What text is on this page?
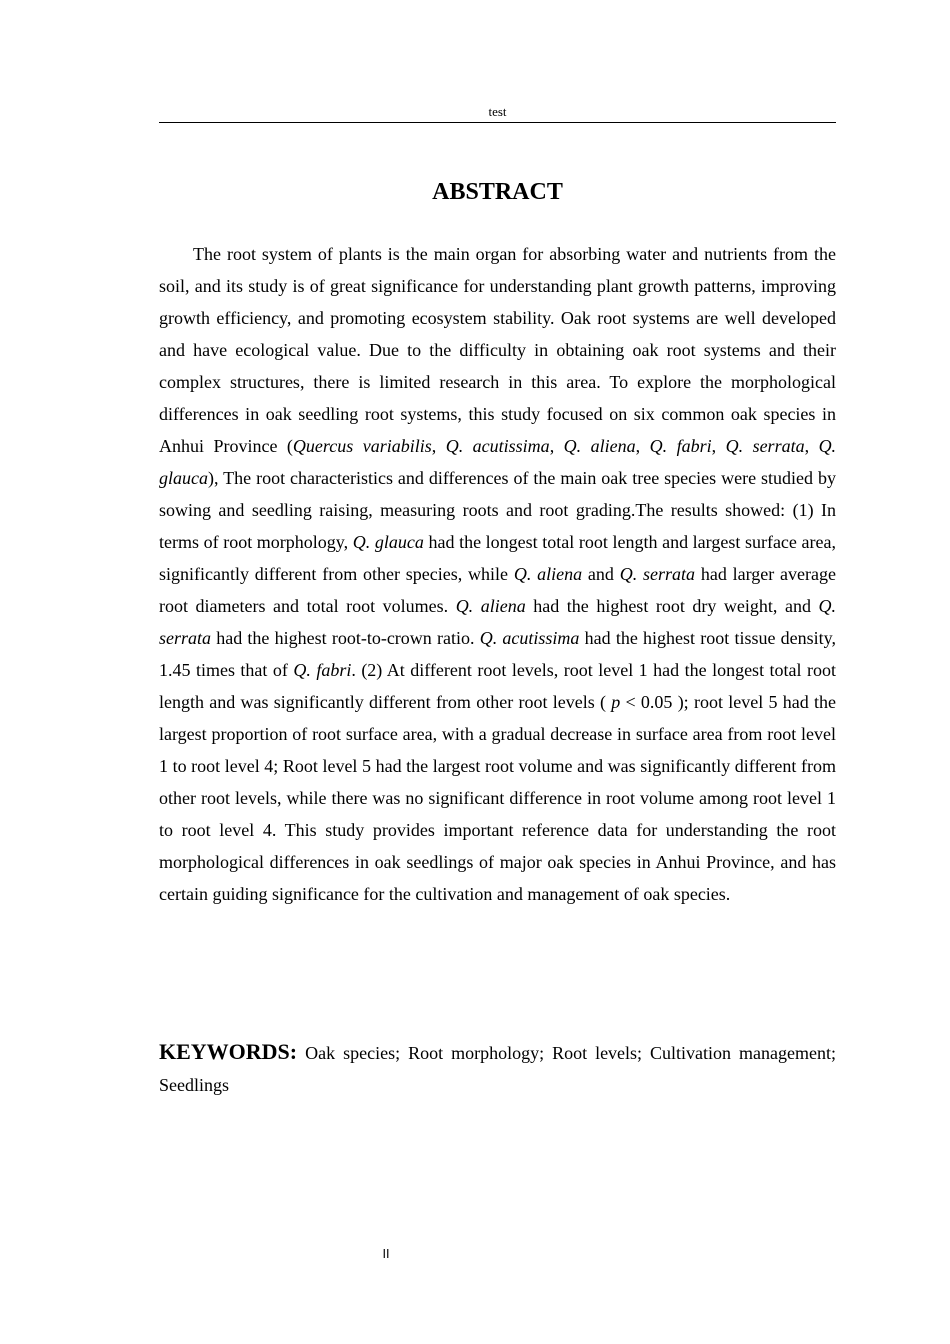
test
ABSTRACT

The root system of plants is the main organ for absorbing water and nutrients from the soil, and its study is of great significance for understanding plant growth patterns, improving growth efficiency, and promoting ecosystem stability. Oak root systems are well developed and have ecological value. Due to the difficulty in obtaining oak root systems and their complex structures, there is limited research in this area. To explore the morphological differences in oak seedling root systems, this study focused on six common oak species in Anhui Province (Quercus variabilis, Q. acutissima, Q. aliena, Q. fabri, Q. serrata, Q. glauca), The root characteristics and differences of the main oak tree species were studied by sowing and seedling raising, measuring roots and root grading.The results showed: (1) In terms of root morphology, Q. glauca had the longest total root length and largest surface area, significantly different from other species, while Q. aliena and Q. serrata had larger average root diameters and total root volumes. Q. aliena had the highest root dry weight, and Q. serrata had the highest root-to-crown ratio. Q. acutissima had the highest root tissue density, 1.45 times that of Q. fabri. (2) At different root levels, root level 1 had the longest total root length and was significantly different from other root levels ( p < 0.05 ); root level 5 had the largest proportion of root surface area, with a gradual decrease in surface area from root level 1 to root level 4; Root level 5 had the largest root volume and was significantly different from other root levels, while there was no significant difference in root volume among root level 1 to root level 4. This study provides important reference data for understanding the root morphological differences in oak seedlings of major oak species in Anhui Province, and has certain guiding significance for the cultivation and management of oak species.

KEYWORDS: Oak species; Root morphology; Root levels; Cultivation management; Seedlings

II
